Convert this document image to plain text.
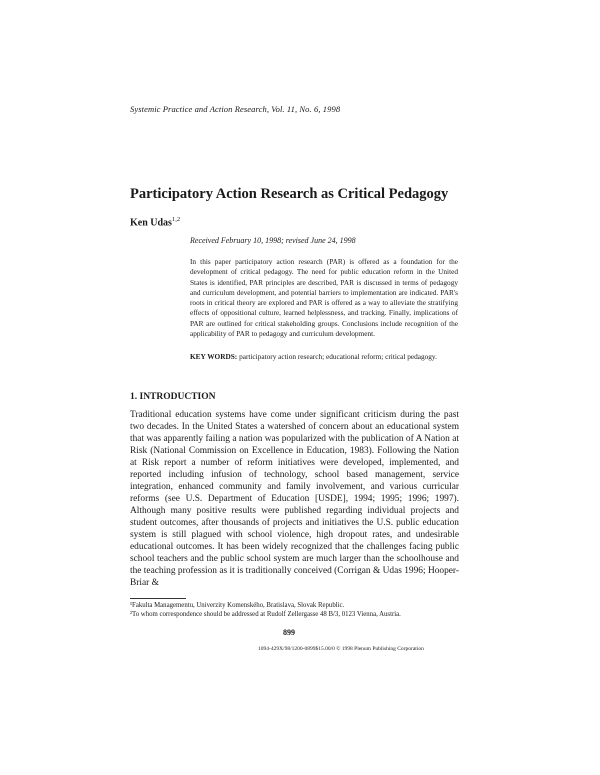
Systemic Practice and Action Research, Vol. 11, No. 6, 1998
Participatory Action Research as Critical Pedagogy
Ken Udas$^{1,2}$
Received February 10, 1998; revised June 24, 1998
In this paper participatory action research (PAR) is offered as a foundation for the development of critical pedagogy. The need for public education reform in the United States is identified, PAR principles are described, PAR is discussed in terms of pedagogy and curriculum development, and potential barriers to implementation are indicated. PAR's roots in critical theory are explored and PAR is offered as a way to alleviate the stratifying effects of oppositional culture, learned helplessness, and tracking. Finally, implications of PAR are outlined for critical stakeholding groups. Conclusions include recognition of the applicability of PAR to pedagogy and curriculum development.
KEY WORDS: participatory action research; educational reform; critical pedagogy.
1. INTRODUCTION
Traditional education systems have come under significant criticism during the past two decades. In the United States a watershed of concern about an educational system that was apparently failing a nation was popularized with the publication of A Nation at Risk (National Commission on Excellence in Education, 1983). Following the Nation at Risk report a number of reform initiatives were developed, implemented, and reported including infusion of technology, school based management, service integration, enhanced community and family involvement, and various curricular reforms (see U.S. Department of Education [USDE], 1994; 1995; 1996; 1997). Although many positive results were published regarding individual projects and student outcomes, after thousands of projects and initiatives the U.S. public education system is still plagued with school violence, high dropout rates, and undesirable educational outcomes. It has been widely recognized that the challenges facing public school teachers and the public school system are much larger than the schoolhouse and the teaching profession as it is traditionally conceived (Corrigan & Udas 1996; Hooper-Briar &
¹Fakulta Managementu, Univerzity Komenského, Bratislava, Slovak Republic.
²To whom correspondence should be addressed at Rudolf Zellergasse 48 B/3, 0123 Vienna, Austria.
899
1094-429X/98/1200-0899$15.00/0 © 1998 Plenum Publishing Corporation
